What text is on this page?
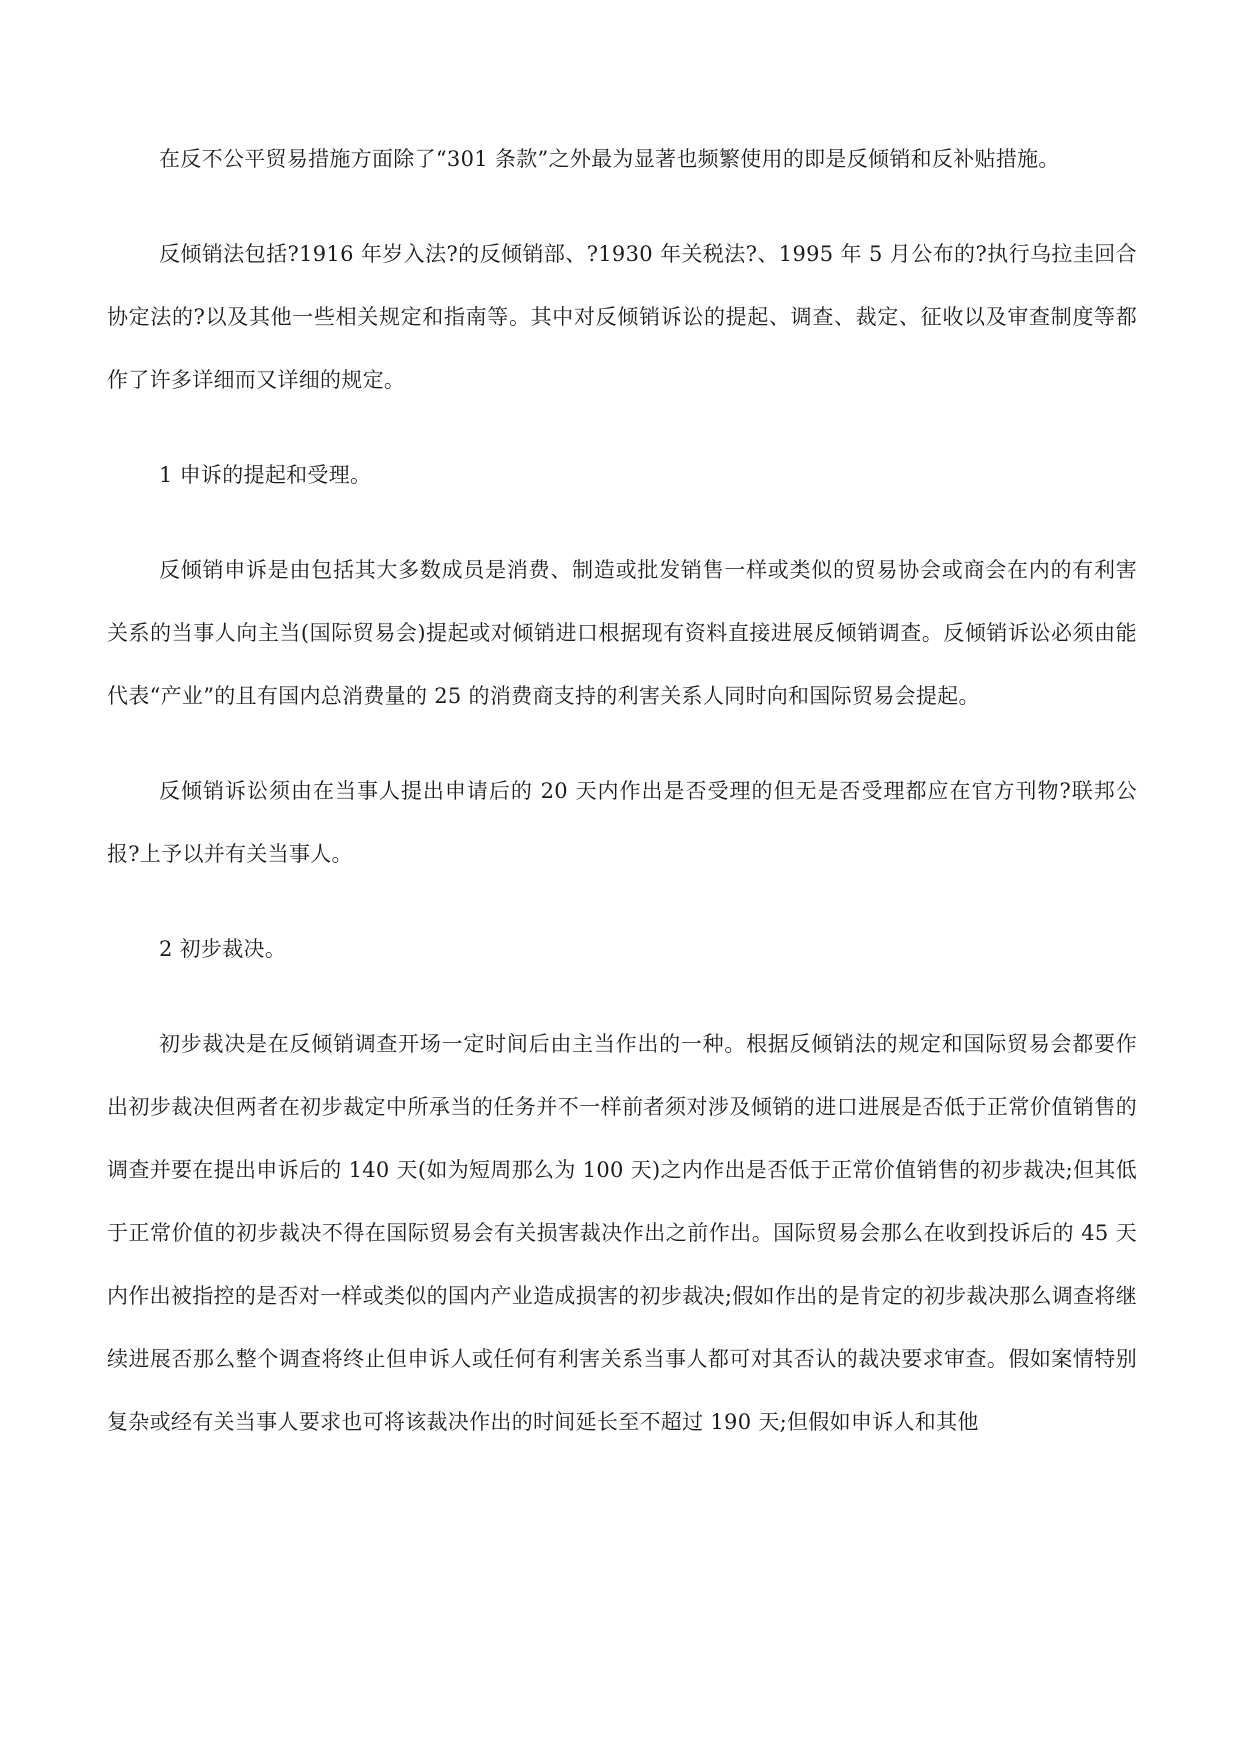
在反不公平贸易措施方面除了“301 条款”之外最为显著也频繁使用的即是反倾销和反补贴措施。

反倾销法包括?1916 年岁入法?的反倾销部、?1930 年关税法?、1995 年 5 月公布的?执行乌拉圭回合协定法的?以及其他一些相关规定和指南等。其中对反倾销诉讼的提起、调查、裁定、征收以及审查制度等都作了许多详细而又详细的规定。

1 申诉的提起和受理。

反倾销申诉是由包括其大多数成员是消费、制造或批发销售一样或类似的贸易协会或商会在内的有利害关系的当事人向主当(国际贸易会)提起或对倾销进口根据现有资料直接进展反倾销调查。反倾销诉讼必须由能代表“产业”的且有国内总消费量的 25 的消费商支持的利害关系人同时向和国际贸易会提起。

反倾销诉讼须由在当事人提出申请后的 20 天内作出是否受理的但无是否受理都应在官方刊物?联邦公报?上予以并有关当事人。

2 初步裁决。

初步裁决是在反倾销调查开场一定时间后由主当作出的一种。根据反倾销法的规定和国际贸易会都要作出初步裁决但两者在初步裁定中所承当的任务并不一样前者须对涉及倾销的进口进展是否低于正常价值销售的调查并要在提出申诉后的 140 天(如为短周那么为 100 天)之内作出是否低于正常价值销售的初步裁决;但其低于正常价值的初步裁决不得在国际贸易会有关损害裁决作出之前作出。国际贸易会那么在收到投诉后的 45 天内作出被指控的是否对一样或类似的国内产业造成损害的初步裁决;假如作出的是肯定的初步裁决那么调查将继续进展否那么整个调查将终止但申诉人或任何有利害关系当事人都可对其否认的裁决要求审查。假如案情特别复杂或经有关当事人要求也可将该裁决作出的时间延长至不超过 190 天;但假如申诉人和其他
